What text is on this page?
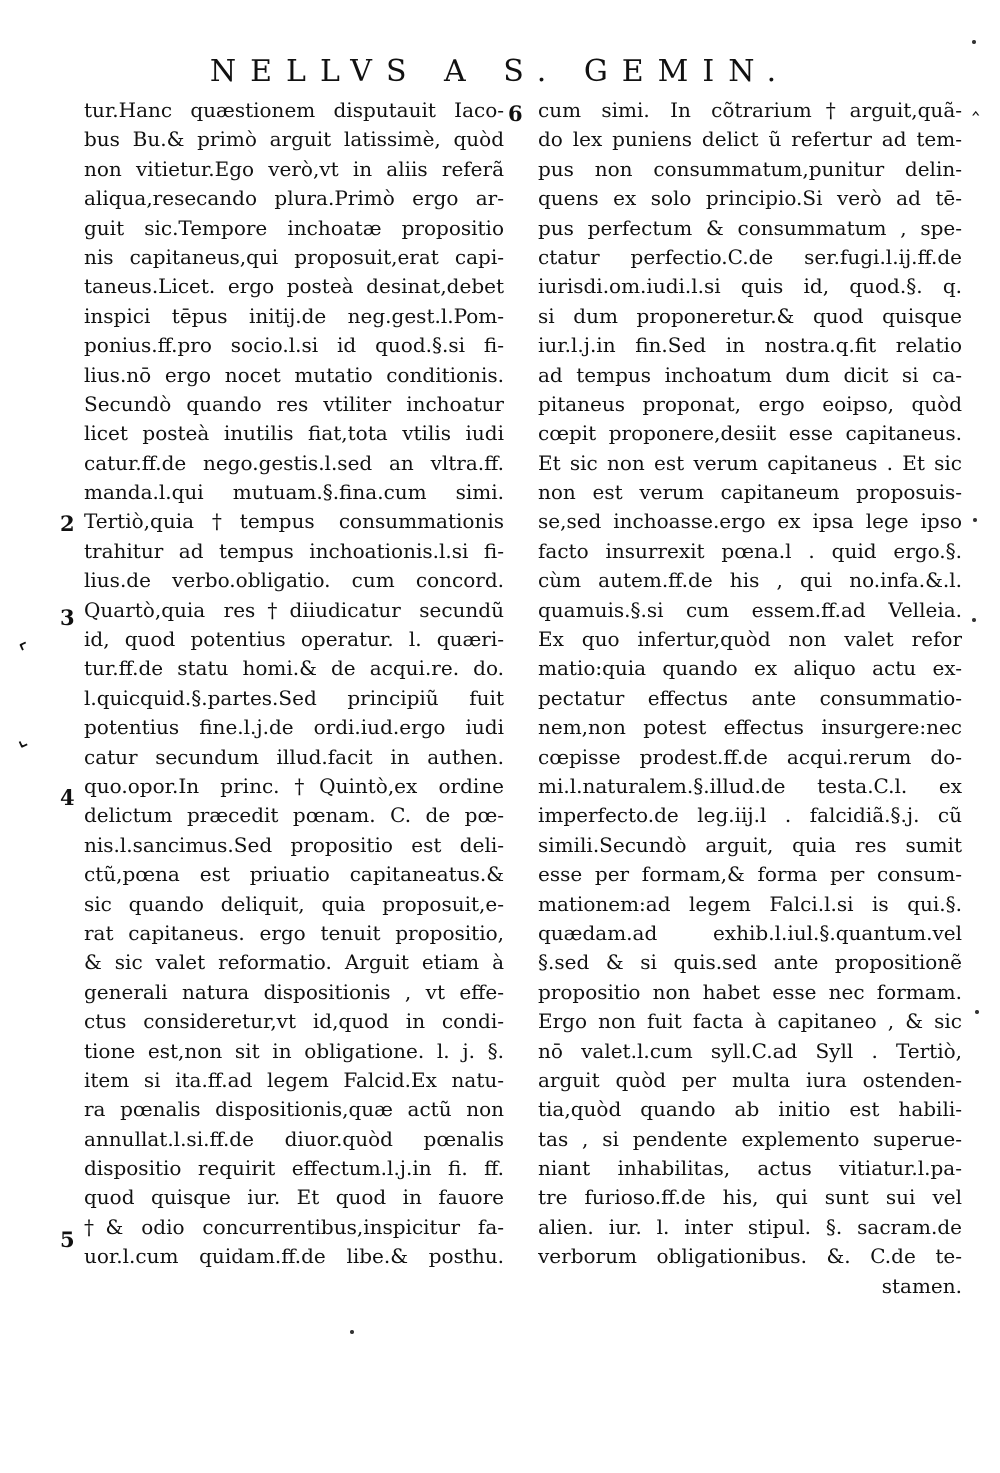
NELLVS A S. GEMIN.
tur.Hanc quæstionem disputauit Iaco-
bus Bu.& primò arguit latissimè, quòd
non vitietur.Ego verò,vt in aliis referã
aliqua,resecando plura.Primò ergo ar-
guit sic.Tempore inchoatæ propositio
nis capitaneus,qui proposuit,erat capi-
taneus.Licet. ergo posteà desinat,debet
inspici tēpus initij.de neg.gest.l.Pom-
ponius.ff.pro socio.l.si id quod.§.si fi-
lius.nō ergo nocet mutatio conditionis.
Secundò quando res vtiliter inchoatur
licet posteà inutilis fiat,tota vtilis iudi
catur.ff.de nego.gestis.l.sed an vltra.ff.
manda.l.qui mutuam.§.fina.cum simi.
Tertiò,quia†tempus consummationis
trahitur ad tempus inchoationis.l.si fi-
lius.de verbo.obligatio. cum concord.
Quartò,quia res†diiudicatur secundũ
id, quod potentius operatur. l. quæri-
tur.ff.de statu homi.& de acqui.re. do.
l.quicquid.§.partes.Sed principiũ fuit
potentius fine.l.j.de ordi.iud.ergo iudi
catur secundum illud.facit in authen.
quo.opor.In princ.†Quintò,ex ordine
delictum præcedit pœnam. C. de pœ-
nis.l.sancimus.Sed propositio est deli-
ctũ,pœna est priuatio capitaneatus.&
sic quando deliquit, quia proposuit,e-
rat capitaneus. ergo tenuit propositio,
& sic valet reformatio. Arguit etiam à
generali natura dispositionis , vt effe-
ctus consideretur,vt id,quod in condi-
tione est,non sit in obligatione. l. j. §.
item si ita.ff.ad legem Falcid.Ex natu-
ra pœnalis dispositionis,quæ actũ non
annullat.l.si.ff.de diuor.quòd pœnalis
dispositio requirit effectum.l.j.in fi. ff.
quod quisque iur. Et quod in fauore
†& odio concurrentibus,inspicitur fa-
uor.l.cum quidam.ff.de libe.& posthu.
cum simi. In cõtrarium†arguit,quã-
do lex puniens delict ũ refertur ad tem-
pus non consummatum,punitur delin-
quens ex solo principio.Si verò ad tē-
pus perfectum & consummatum , spe-
ctatur perfectio.C.de ser.fugi.l.ij.ff.de
iurisdi.om.iudi.l.si quis id, quod.§. q.
si dum proponeretur.& quod quisque
iur.l.j.in fin.Sed in nostra.q.fit relatio
ad tempus inchoatum dum dicit si ca-
pitaneus proponat, ergo eoipso, quòd
cœpit proponere,desiit esse capitaneus.
Et sic non est verum capitaneus . Et sic
non est verum capitaneum proposuis-
se,sed inchoasse.ergo ex ipsa lege ipso
facto insurrexit pœna.l . quid ergo.§.
cùm autem.ff.de his , qui no.infa.&.l.
quamuis.§.si cum essem.ff.ad Velleia.
Ex quo infertur,quòd non valet refor
matio:quia quando ex aliquo actu ex-
pectatur effectus ante consummatio-
nem,non potest effectus insurgere:nec
cœpisse prodest.ff.de acqui.rerum do-
mi.l.naturalem.§.illud.de testa.C.l. ex
imperfecto.de leg.iij.l . falcidiã.§.j. cũ
simili.Secundò arguit, quia res sumit
esse per formam,& forma per consum-
mationem:ad legem Falci.l.si is qui.§.
quædam.ad exhib.l.iul.§.quantum.vel
§.sed & si quis.sed ante propositionẽ
propositio non habet esse nec formam.
Ergo non fuit facta à capitaneo , & sic
nō valet.l.cum syll.C.ad Syll . Tertiò,
arguit quòd per multa iura ostenden-
tia,quòd quando ab initio est habili-
tas , si pendente explemento superue-
niant inhabilitas, actus vitiatur.l.pa-
tre furioso.ff.de his, qui sunt sui vel
alien. iur. l. inter stipul. §. sacram.de
verborum obligationibus. &. C.de te-
stamen.
6
2
3
4
5
‸
⌃
⌃
